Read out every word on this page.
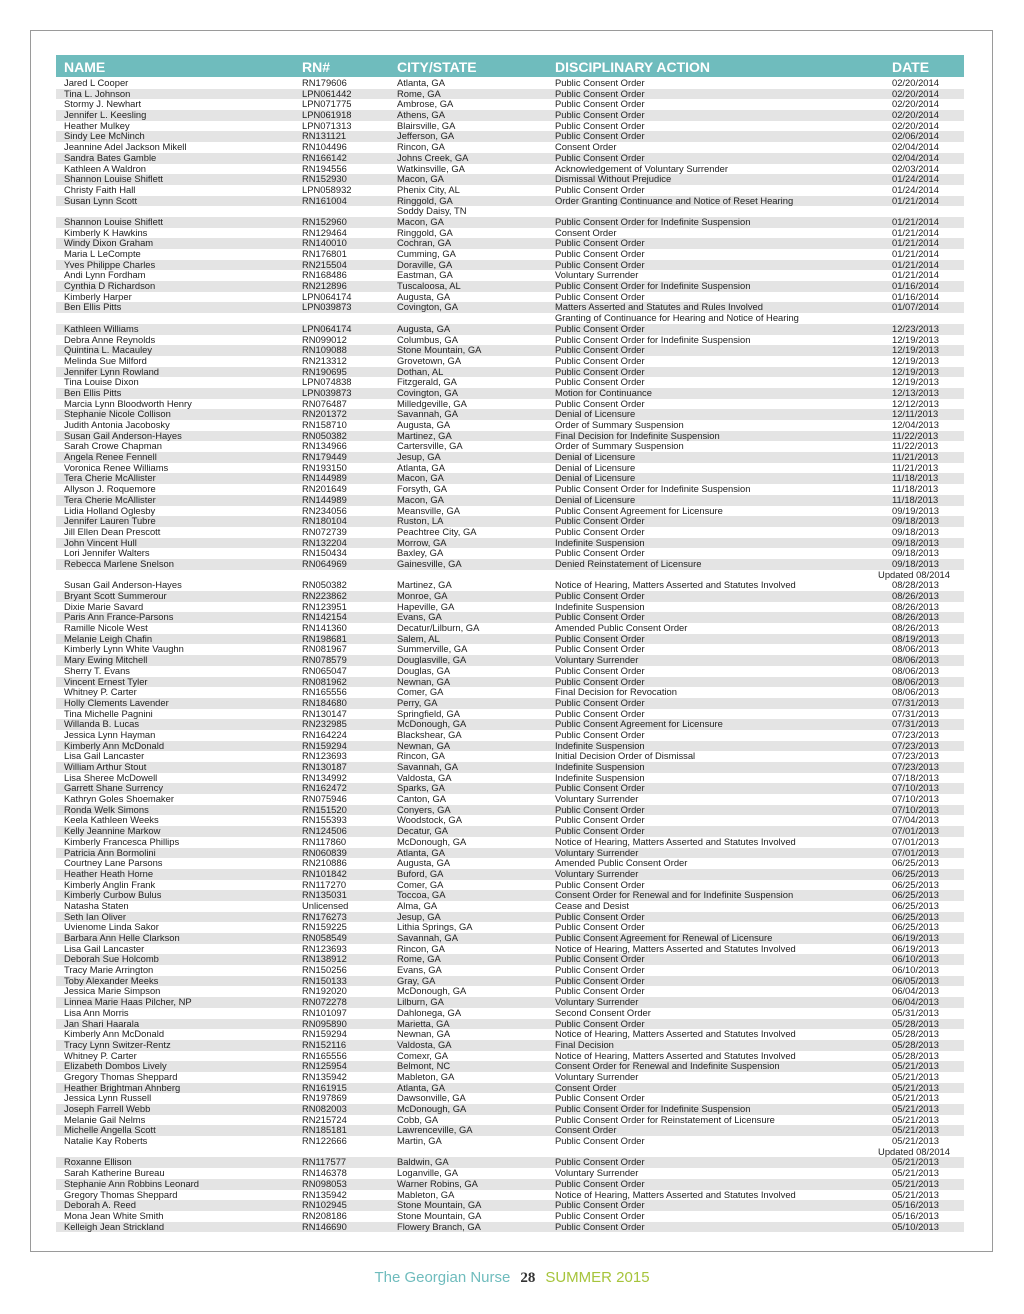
NAME	RN#	CITY/STATE	DISCIPLINARY ACTION	DATE
Jared L Cooper	RN179606	Atlanta, GA	Public Consent Order	02/20/2014
Tina L. Johnson	LPN061442	Rome, GA	Public Consent Order	02/20/2014
Stormy J. Newhart	LPN071775	Ambrose, GA	Public Consent Order	02/20/2014
Jennifer L. Keesling	LPN061918	Athens, GA	Public Consent Order	02/20/2014
Heather Mulkey	LPN071313	Blairsville, GA	Public Consent Order	02/20/2014
Sindy Lee McNinch	RN131121	Jefferson, GA	Public Consent Order	02/06/2014
Jeannine Adel Jackson Mikell	RN104496	Rincon, GA	Consent Order	02/04/2014
Sandra Bates Gamble	RN166142	Johns Creek, GA	Public Consent Order	02/04/2014
Kathleen A Waldron	RN194556	Watkinsville, GA	Acknowledgement of Voluntary Surrender	02/03/2014
Shannon Louise Shiflett	RN152930	Macon, GA	Dismissal Without Prejudice	01/24/2014
Christy Faith Hall	LPN058932	Phenix City, AL	Public Consent Order	01/24/2014
Susan Lynn Scott	RN161004	Ringgold, GA	Order Granting Continuance and Notice of Reset Hearing	01/21/2014
Soddy Daisy, TN
Shannon Louise Shiflett	RN152960	Macon, GA	Public Consent Order for Indefinite Suspension	01/21/2014
Kimberly K Hawkins	RN129464	Ringgold, GA	Consent Order	01/21/2014
Windy Dixon Graham	RN140010	Cochran, GA	Public Consent Order	01/21/2014
Maria L LeCompte	RN176801	Cumming, GA	Public Consent Order	01/21/2014
Yves Philippe Charles	RN215504	Doraville, GA	Public Consent Order	01/21/2014
Andi Lynn Fordham	RN168486	Eastman, GA	Voluntary Surrender	01/21/2014
Cynthia D Richardson	RN212896	Tuscaloosa, AL	Public Consent Order for Indefinite Suspension	01/16/2014
Kimberly Harper	LPN064174	Augusta, GA	Public Consent Order	01/16/2014
Ben Ellis Pitts	LPN039873	Covington, GA	Matters Asserted and Statutes and Rules Involved	01/07/2014
Granting of Continuance for Hearing and Notice of Hearing
Kathleen Williams	LPN064174	Augusta, GA	Public Consent Order	12/23/2013
Debra Anne Reynolds	RN099012	Columbus, GA	Public Consent Order for Indefinite Suspension	12/19/2013
Quintina L. Macauley	RN109088	Stone Mountain, GA	Public Consent Order	12/19/2013
Melinda Sue Milford	RN213312	Grovetown, GA	Public Consent Order	12/19/2013
Jennifer Lynn Rowland	RN190695	Dothan, AL	Public Consent Order	12/19/2013
Tina Louise Dixon	LPN074838	Fitzgerald, GA	Public Consent Order	12/19/2013
Ben Ellis Pitts	LPN039873	Covington, GA	Motion for Continuance	12/13/2013
Marcia Lynn Bloodworth Henry	RN076487	Milledgeville, GA	Public Consent Order	12/12/2013
Stephanie Nicole Collison	RN201372	Savannah, GA	Denial of Licensure	12/11/2013
Judith Antonia Jacobosky	RN158710	Augusta, GA	Order of Summary Suspension	12/04/2013
Susan Gail Anderson-Hayes	RN050382	Martinez, GA	Final Decision for Indefinite Suspension	11/22/2013
Sarah Crowe Chapman	RN134966	Cartersville, GA	Order of Summary Suspension	11/22/2013
Angela Renee Fennell	RN179449	Jesup, GA	Denial of Licensure	11/21/2013
Voronica Renee Williams	RN193150	Atlanta, GA	Denial of Licensure	11/21/2013
Tera Cherie McAllister	RN144989	Macon, GA	Denial of Licensure	11/18/2013
Allyson J. Roquemore	RN201649	Forsyth, GA	Public Consent Order for Indefinite Suspension	11/18/2013
Tera Cherie McAllister	RN144989	Macon, GA	Denial of Licensure	11/18/2013
Lidia Holland Oglesby	RN234056	Meansville, GA	Public Consent Agreement for Licensure	09/19/2013
Jennifer Lauren Tubre	RN180104	Ruston, LA	Public Consent Order	09/18/2013
Jill Ellen Dean Prescott	RN072739	Peachtree City, GA	Public Consent Order	09/18/2013
John Vincent Hull	RN132204	Morrow, GA	Indefinite Suspension	09/18/2013
Lori Jennifer Walters	RN150434	Baxley, GA	Public Consent Order	09/18/2013
Rebecca Marlene Snelson	RN064969	Gainesville, GA	Denied Reinstatement of Licensure	09/18/2013
Updated 08/2014
Susan Gail Anderson-Hayes	RN050382	Martinez, GA	Notice of Hearing, Matters Asserted and Statutes Involved	08/28/2013
Bryant Scott Summerour	RN223862	Monroe, GA	Public Consent Order	08/26/2013
Dixie Marie Savard	RN123951	Hapeville, GA	Indefinite Suspension	08/26/2013
Paris Ann France-Parsons	RN142154	Evans, GA	Public Consent Order	08/26/2013
Ramille Nicole West	RN141360	Decatur/Lilburn, GA	Amended Public Consent Order	08/26/2013
Melanie Leigh Chafin	RN198681	Salem, AL	Public Consent Order	08/19/2013
Kimberly Lynn White Vaughn	RN081967	Summerville, GA	Public Consent Order	08/06/2013
Mary Ewing Mitchell	RN078579	Douglasville, GA	Voluntary Surrender	08/06/2013
Sherry T. Evans	RN065047	Douglas, GA	Public Consent Order	08/06/2013
Vincent Ernest Tyler	RN081962	Newnan, GA	Public Consent Order	08/06/2013
Whitney P. Carter	RN165556	Comer, GA	Final Decision for Revocation	08/06/2013
Holly Clements Lavender	RN184680	Perry, GA	Public Consent Order	07/31/2013
Tina Michelle Pagnini	RN130147	Springfield, GA	Public Consent Order	07/31/2013
Willanda B. Lucas	RN232985	McDonough, GA	Public Consent Agreement for Licensure	07/31/2013
Jessica Lynn Hayman	RN164224	Blackshear, GA	Public Consent Order	07/23/2013
Kimberly Ann McDonald	RN159294	Newnan, GA	Indefinite Suspension	07/23/2013
Lisa Gail Lancaster	RN123693	Rincon, GA	Initial Decision Order of Dismissal	07/23/2013
William Arthur Stout	RN130187	Savannah, GA	Indefinite Suspension	07/23/2013
Lisa Sheree McDowell	RN134992	Valdosta, GA	Indefinite Suspension	07/18/2013
Garrett Shane Surrency	RN162472	Sparks, GA	Public Consent Order	07/10/2013
Kathryn Goles Shoemaker	RN075946	Canton, GA	Voluntary Surrender	07/10/2013
Ronda Welk Simons	RN151520	Conyers, GA	Public Consent Order	07/10/2013
Keela Kathleen Weeks	RN155393	Woodstock, GA	Public Consent Order	07/04/2013
Kelly Jeannine Markow	RN124506	Decatur, GA	Public Consent Order	07/01/2013
Kimberly Francesca Phillips	RN117860	McDonough, GA	Notice of Hearing, Matters Asserted and Statutes Involved	07/01/2013
Patricia Ann Bormolini	RN060839	Atlanta, GA	Voluntary Surrender	07/01/2013
Courtney Lane Parsons	RN210886	Augusta, GA	Amended Public Consent Order	06/25/2013
Heather Heath Horne	RN101842	Buford, GA	Voluntary Surrender	06/25/2013
Kimberly Anglin Frank	RN117270	Comer, GA	Public Consent Order	06/25/2013
Kimberly Curbow Bulus	RN135031	Toccoa, GA	Consent Order for Renewal and for Indefinite Suspension	06/25/2013
Natasha Staten	Unlicensed	Alma, GA	Cease and Desist	06/25/2013
Seth Ian Oliver	RN176273	Jesup, GA	Public Consent Order	06/25/2013
Uvienome Linda Sakor	RN159225	Lithia Springs, GA	Public Consent Order	06/25/2013
Barbara Ann Helle Clarkson	RN058549	Savannah, GA	Public Consent Agreement for Renewal of Licensure	06/19/2013
Lisa Gail Lancaster	RN123693	Rincon, GA	Notice of Hearing, Matters Asserted and Statutes Involved	06/19/2013
Deborah Sue Holcomb	RN138912	Rome, GA	Public Consent Order	06/10/2013
Tracy Marie Arrington	RN150256	Evans, GA	Public Consent Order	06/10/2013
Toby Alexander Meeks	RN150133	Gray, GA	Public Consent Order	06/05/2013
Jessica Marie Simpson	RN192020	McDonough, GA	Public Consent Order	06/04/2013
Linnea Marie Haas Pilcher, NP	RN072278	Lilburn, GA	Voluntary Surrender	06/04/2013
Lisa Ann Morris	RN101097	Dahlonega, GA	Second Consent Order	05/31/2013
Jan Shari Haarala	RN095890	Marietta, GA	Public Consent Order	05/28/2013
Kimberly Ann McDonald	RN159294	Newnan, GA	Notice of Hearing, Matters Asserted and Statutes Involved	05/28/2013
Tracy Lynn Switzer-Rentz	RN152116	Valdosta, GA	Final Decision	05/28/2013
Whitney P. Carter	RN165556	Comexr, GA	Notice of Hearing, Matters Asserted and Statutes Involved	05/28/2013
Elizabeth Dombos Lively	RN125954	Belmont, NC	Consent Order for Renewal and Indefinite Suspension	05/21/2013
Gregory Thomas Sheppard	RN135942	Mableton, GA	Voluntary Surrender	05/21/2013
Heather Brightman Ahnberg	RN161915	Atlanta, GA	Consent Order	05/21/2013
Jessica Lynn Russell	RN197869	Dawsonville, GA	Public Consent Order	05/21/2013
Joseph Farrell Webb	RN082003	McDonough, GA	Public Consent Order for Indefinite Suspension	05/21/2013
Melanie Gail Nelms	RN215724	Cobb, GA	Public Consent Order for Reinstatement of Licensure	05/21/2013
Michelle Angella Scott	RN185181	Lawrenceville, GA	Consent Order	05/21/2013
Natalie Kay Roberts	RN122666	Martin, GA	Public Consent Order	05/21/2013
Updated 08/2014
Roxanne Ellison	RN117577	Baldwin, GA	Public Consent Order	05/21/2013
Sarah Katherine Bureau	RN146378	Loganville, GA	Voluntary Surrender	05/21/2013
Stephanie Ann Robbins Leonard	RN098053	Warner Robins, GA	Public Consent Order	05/21/2013
Gregory Thomas Sheppard	RN135942	Mableton, GA	Notice of Hearing, Matters Asserted and Statutes Involved	05/21/2013
Deborah A. Reed	RN102945	Stone Mountain, GA	Public Consent Order	05/16/2013
Mona Jean White Smith	RN208186	Stone Mountain, GA	Public Consent Order	05/16/2013
Kelleigh Jean Strickland	RN146690	Flowery Branch, GA	Public Consent Order	05/10/2013
The Georgian Nurse 28 SUMMER 2015
